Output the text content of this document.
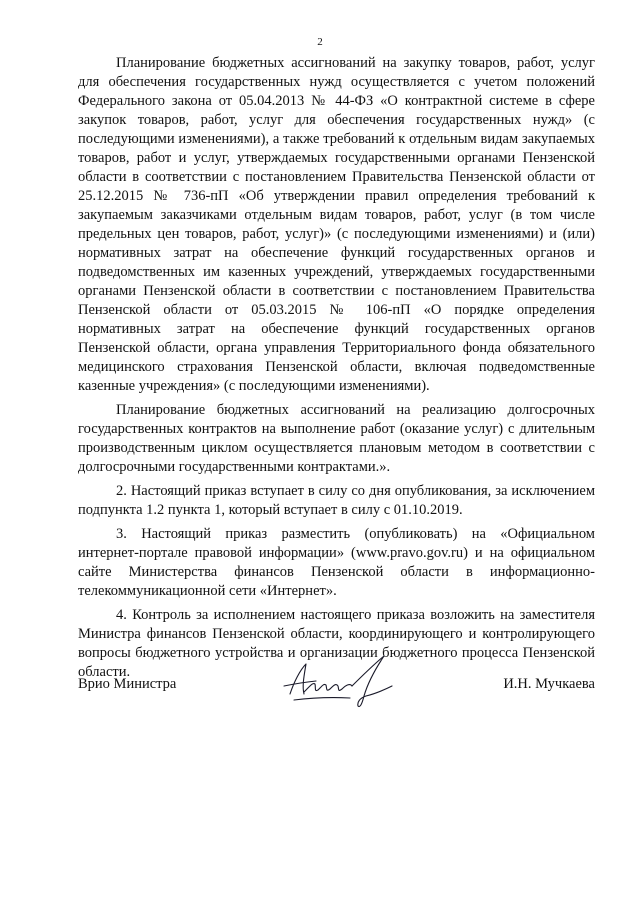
2

Планирование бюджетных ассигнований на закупку товаров, работ, услуг для обеспечения государственных нужд осуществляется с учетом положений Федерального закона от 05.04.2013 № 44-ФЗ «О контрактной системе в сфере закупок товаров, работ, услуг для обеспечения государственных нужд» (с последующими изменениями), а также требований к отдельным видам закупаемых товаров, работ и услуг, утверждаемых государственными органами Пензенской области в соответствии с постановлением Правительства Пензенской области от 25.12.2015 № 736-пП «Об утверждении правил определения требований к закупаемым заказчиками отдельным видам товаров, работ, услуг (в том числе предельных цен товаров, работ, услуг)» (с последующими изменениями) и (или) нормативных затрат на обеспечение функций государственных органов и подведомственных им казенных учреждений, утверждаемых государственными органами Пензенской области в соответствии с постановлением Правительства Пензенской области от 05.03.2015 № 106-пП «О порядке определения нормативных затрат на обеспечение функций государственных органов Пензенской области, органа управления Территориального фонда обязательного медицинского страхования Пензенской области, включая подведомственные казенные учреждения» (с последующими изменениями).

Планирование бюджетных ассигнований на реализацию долгосрочных государственных контрактов на выполнение работ (оказание услуг) с длительным производственным циклом осуществляется плановым методом в соответствии с долгосрочными государственными контрактами.».

2. Настоящий приказ вступает в силу со дня опубликования, за исключением подпункта 1.2 пункта 1, который вступает в силу с 01.10.2019.

3. Настоящий приказ разместить (опубликовать) на «Официальном интернет-портале правовой информации» (www.pravo.gov.ru) и на официальном сайте Министерства финансов Пензенской области в информационно-телекоммуникационной сети «Интернет».

4. Контроль за исполнением настоящего приказа возложить на заместителя Министра финансов Пензенской области, координирующего и контролирующего вопросы бюджетного устройства и организации бюджетного процесса Пензенской области.

Врио Министра	И.Н. Мучкаева
